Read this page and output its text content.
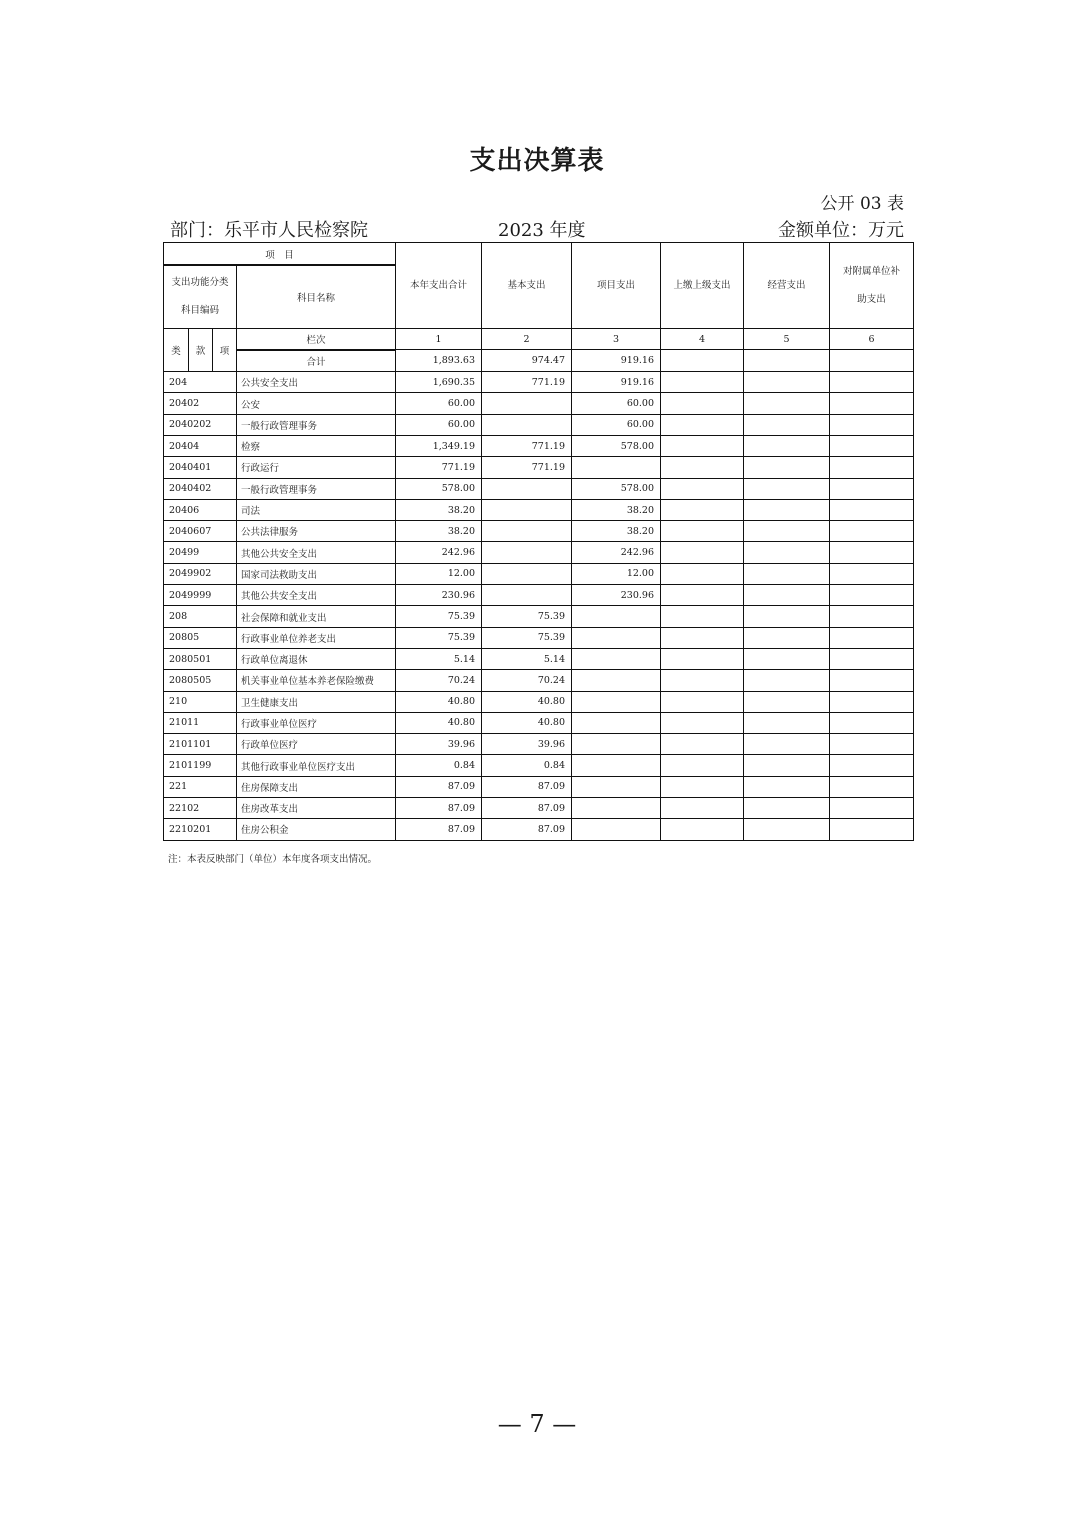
支出决算表
公开 03 表
部门：乐平市人民检察院	2023 年度	金额单位：万元
项　目				本年支出合计	基本支出	项目支出	上缴上级支出	经营支出	对附属单位补助支出
支出功能分类科目编码			科目名称						

类	款	项	栏次	1	2	3	4	5	6
			合计	1,893.63	974.47	919.16			
204			公共安全支出	1,690.35	771.19	919.16			
20402			公安	60.00		60.00			
2040202			一般行政管理事务	60.00		60.00			
20404			检察	1,349.19	771.19	578.00			
2040401			行政运行	771.19	771.19				
2040402			一般行政管理事务	578.00		578.00			
20406			司法	38.20		38.20			
2040607			公共法律服务	38.20		38.20			
20499			其他公共安全支出	242.96		242.96			
2049902			国家司法救助支出	12.00		12.00			
2049999			其他公共安全支出	230.96		230.96			
208			社会保障和就业支出	75.39	75.39				
20805			行政事业单位养老支出	75.39	75.39				
2080501			行政单位离退休	5.14	5.14				
2080505			机关事业单位基本养老保险缴费	70.24	70.24				
210			卫生健康支出	40.80	40.80				
21011			行政事业单位医疗	40.80	40.80				
2101101			行政单位医疗	39.96	39.96				
2101199			其他行政事业单位医疗支出	0.84	0.84				
221			住房保障支出	87.09	87.09				
22102			住房改革支出	87.09	87.09				
2210201			住房公积金	87.09	87.09				
注：本表反映部门（单位）本年度各项支出情况。
— 7 —
